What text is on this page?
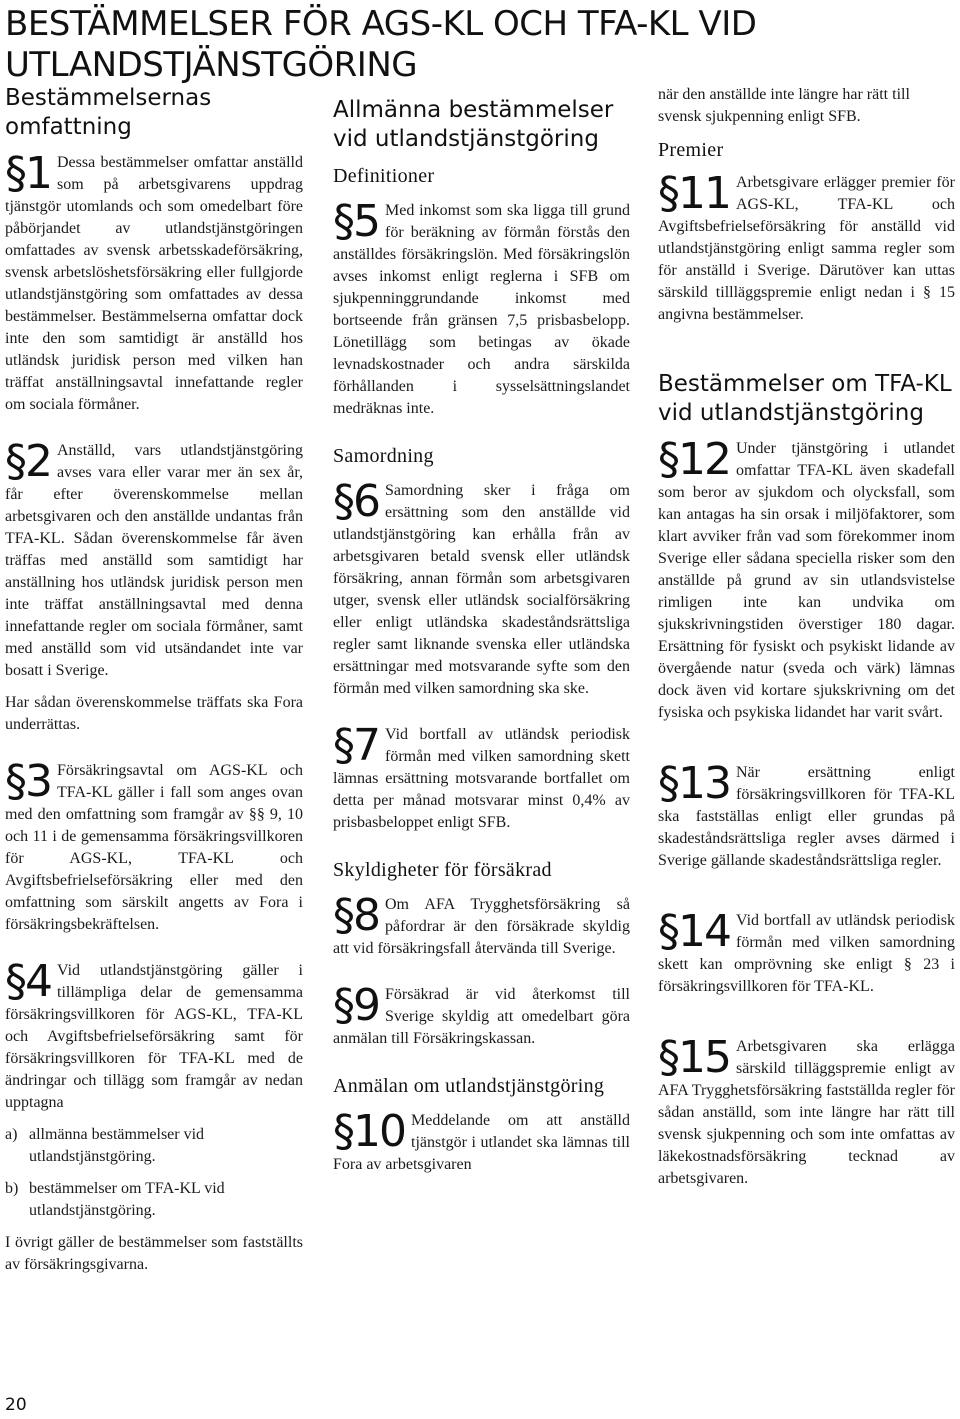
BESTÄMMELSER FÖR AGS-KL OCH TFA-KL VID UTLANDSTJÄNSTGÖRING
Bestämmelsernas omfattning
§1 Dessa bestämmelser omfattar anställd som på arbetsgivarens uppdrag tjänstgör utomlands och som omedelbart före påbörjandet av utlandstjänstgöringen omfattades av svensk arbetsskadeförsäkring, svensk arbetslöshetsförsäkring eller fullgjorde utlandstjänstgöring som omfattades av dessa bestämmelser. Bestämmelserna omfattar dock inte den som samtidigt är anställd hos utländsk juridisk person med vilken han träffat anställningsavtal innefattande regler om sociala förmåner.

§2 Anställd, vars utlandstjänstgöring avses vara eller varar mer än sex år, får efter överenskommelse mellan arbetsgivaren och den anställde undantas från TFA-KL. Sådan överenskommelse får även träffas med anställd som samtidigt har anställning hos utländsk juridisk person men inte träffat anställningsavtal med denna innefattande regler om sociala förmåner, samt med anställd som vid utsändandet inte var bosatt i Sverige.

Har sådan överenskommelse träffats ska Fora underrättas.

§3 Försäkringsavtal om AGS-KL och TFA-KL gäller i fall som anges ovan med den omfattning som framgår av §§ 9, 10 och 11 i de gemensamma försäkringsvillkoren för AGS-KL, TFA-KL och Avgiftsbefrielseförsäkring eller med den omfattning som särskilt angetts av Fora i försäkringsbekräftelsen.

§4 Vid utlandstjänstgöring gäller i tillämpliga delar de gemensamma försäkringsvillkoren för AGS-KL, TFA-KL och Avgiftsbefrielseförsäkring samt för försäkringsvillkoren för TFA-KL med de ändringar och tillägg som framgår av nedan upptagna

a) allmänna bestämmelser vid utlandstjänstgöring.

b) bestämmelser om TFA-KL vid utlandstjänstgöring.

I övrigt gäller de bestämmelser som fastställts av försäkringsgivarna.

Allmänna bestämmelser vid utlandstjänstgöring
Definitioner
§5 Med inkomst som ska ligga till grund för beräkning av förmån förstås den anställdes försäkringslön. Med försäkringslön avses inkomst enligt reglerna i SFB om sjukpenninggrundande inkomst med bortseende från gränsen 7,5 prisbasbelopp. Lönetillägg som betingas av ökade levnadskostnader och andra särskilda förhållanden i sysselsättningslandet medräknas inte.

Samordning
§6 Samordning sker i fråga om ersättning som den anställde vid utlandstjänstgöring kan erhålla från av arbetsgivaren betald svensk eller utländsk försäkring, annan förmån som arbetsgivaren utger, svensk eller utländsk socialförsäkring eller enligt utländska skadeståndsrättsliga regler samt liknande svenska eller utländska ersättningar med motsvarande syfte som den förmån med vilken samordning ska ske.

§7 Vid bortfall av utländsk periodisk förmån med vilken samordning skett lämnas ersättning motsvarande bortfallet om detta per månad motsvarar minst 0,4% av prisbasbeloppet enligt SFB.

Skyldigheter för försäkrad
§8 Om AFA Trygghetsförsäkring så påfordrar är den försäkrade skyldig att vid försäkringsfall återvända till Sverige.

§9 Försäkrad är vid återkomst till Sverige skyldig att omedelbart göra anmälan till Försäkringskassan.

Anmälan om utlandstjänstgöring
§10 Meddelande om att anställd tjänstgör i utlandet ska lämnas till Fora av arbetsgivaren

när den anställde inte längre har rätt till svensk sjukpenning enligt SFB.

Premier
§11 Arbetsgivare erlägger premier för AGS-KL, TFA-KL och Avgiftsbefrielseförsäkring för anställd vid utlandstjänstgöring enligt samma regler som för anställd i Sverige. Därutöver kan uttas särskild tillläggspremie enligt nedan i § 15 angivna bestämmelser.

Bestämmelser om TFA-KL vid utlandstjänstgöring
§12 Under tjänstgöring i utlandet omfattar TFA-KL även skadefall som beror av sjukdom och olycksfall, som kan antagas ha sin orsak i miljöfaktorer, som klart avviker från vad som förekommer inom Sverige eller sådana speciella risker som den anställde på grund av sin utlandsvistelse rimligen inte kan undvika om sjukskrivningstiden överstiger 180 dagar. Ersättning för fysiskt och psykiskt lidande av övergående natur (sveda och värk) lämnas dock även vid kortare sjukskrivning om det fysiska och psykiska lidandet har varit svårt.

§13 När ersättning enligt försäkringsvillkoren för TFA-KL ska fastställas enligt eller grundas på skadeståndsrättsliga regler avses därmed i Sverige gällande skadeståndsrättsliga regler.

§14 Vid bortfall av utländsk periodisk förmån med vilken samordning skett kan omprövning ske enligt § 23 i försäkringsvillkoren för TFA-KL.

§15 Arbetsgivaren ska erlägga särskild tilläggspremie enligt av AFA Trygghetsförsäkring fastställda regler för sådan anställd, som inte längre har rätt till svensk sjukpenning och som inte omfattas av läkekostnadsförsäkring tecknad av arbetsgivaren.

20
